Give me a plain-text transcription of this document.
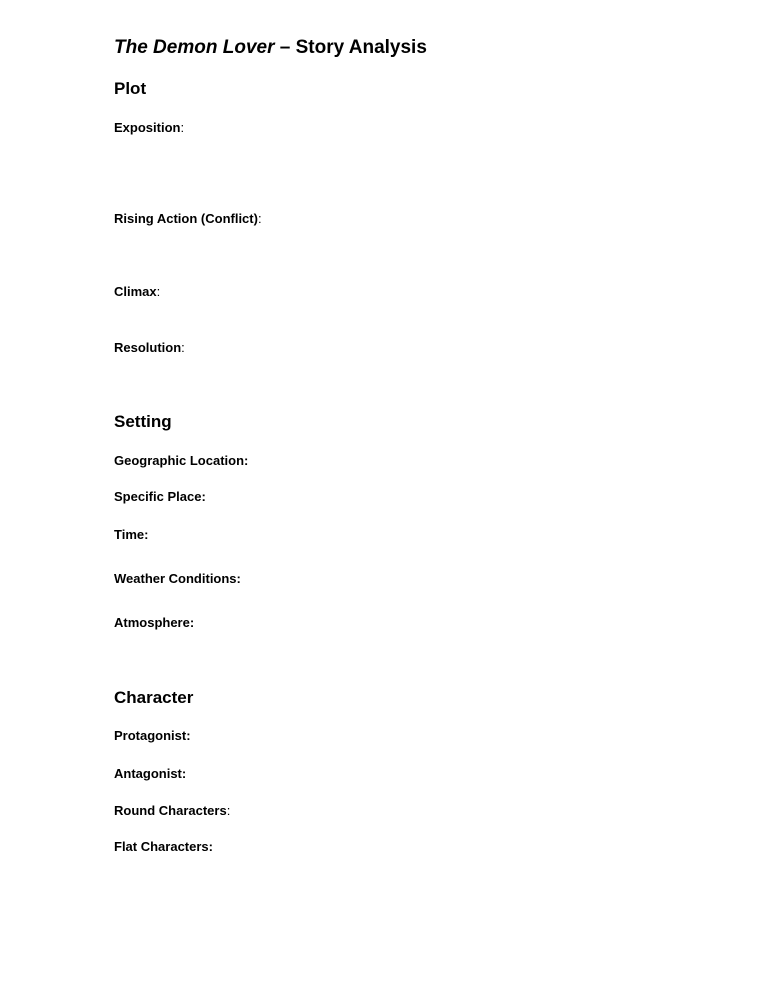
The Demon Lover – Story Analysis
Plot
Exposition:
Rising Action (Conflict):
Climax:
Resolution:
Setting
Geographic Location:
Specific Place:
Time:
Weather Conditions:
Atmosphere:
Character
Protagonist:
Antagonist:
Round Characters:
Flat Characters:
